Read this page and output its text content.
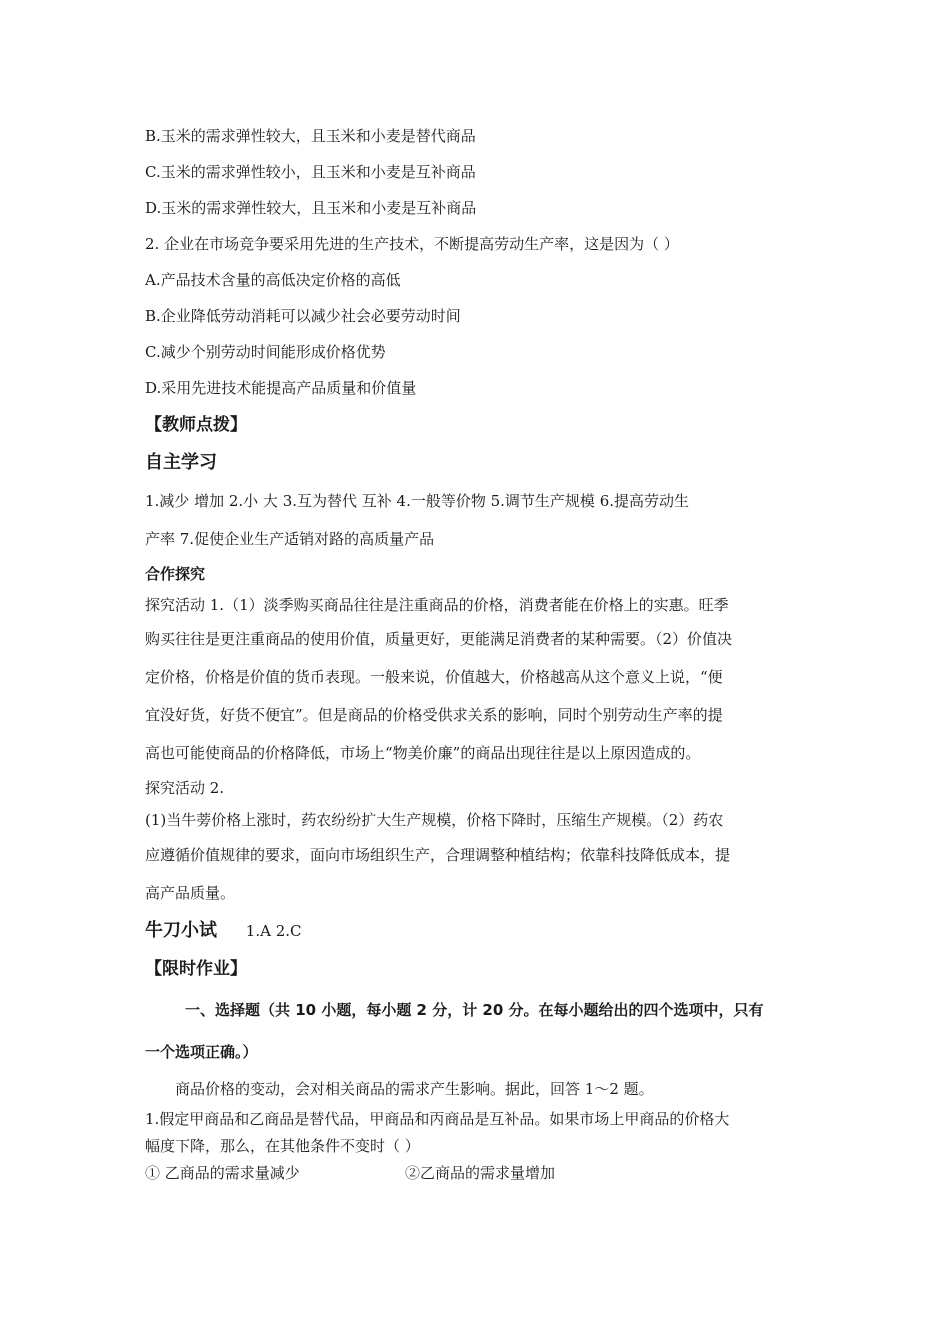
B.玉米的需求弹性较大，且玉米和小麦是替代商品
C.玉米的需求弹性较小，且玉米和小麦是互补商品
D.玉米的需求弹性较大，且玉米和小麦是互补商品
2. 企业在市场竞争要采用先进的生产技术，不断提高劳动生产率，这是因为（ ）
A.产品技术含量的高低决定价格的高低
B.企业降低劳动消耗可以减少社会必要劳动时间
C.减少个别劳动时间能形成价格优势
D.采用先进技术能提高产品质量和价值量
【教师点拨】
自主学习
1.减少 增加 2.小 大 3.互为替代 互补 4.一般等价物 5.调节生产规模 6.提高劳动生
产率 7.促使企业生产适销对路的高质量产品
合作探究
探究活动 1.（1）淡季购买商品往往是注重商品的价格，消费者能在价格上的实惠。旺季
购买往往是更注重商品的使用价值，质量更好，更能满足消费者的某种需要。（2）价值决
定价格，价格是价值的货币表现。一般来说，价值越大，价格越高从这个意义上说，“便
宜没好货，好货不便宜”。但是商品的价格受供求关系的影响，同时个别劳动生产率的提
高也可能使商品的价格降低，市场上“物美价廉”的商品出现往往是以上原因造成的。
探究活动 2.
(1)当牛蒡价格上涨时，药农纷纷扩大生产规模，价格下降时，压缩生产规模。（2）药农
应遵循价值规律的要求，面向市场组织生产，合理调整种植结构；依靠科技降低成本，提
高产品质量。
牛刀小试 1.A 2.C
【限时作业】
一、选择题（共 10 小题，每小题 2 分，计 20 分。在每小题给出的四个选项中，只有
一个选项正确。）
商品价格的变动，会对相关商品的需求产生影响。据此，回答 1～2 题。
1.假定甲商品和乙商品是替代品，甲商品和丙商品是互补品。如果市场上甲商品的价格大
幅度下降，那么，在其他条件不变时（ ）
① 乙商品的需求量减少	②乙商品的需求量增加
